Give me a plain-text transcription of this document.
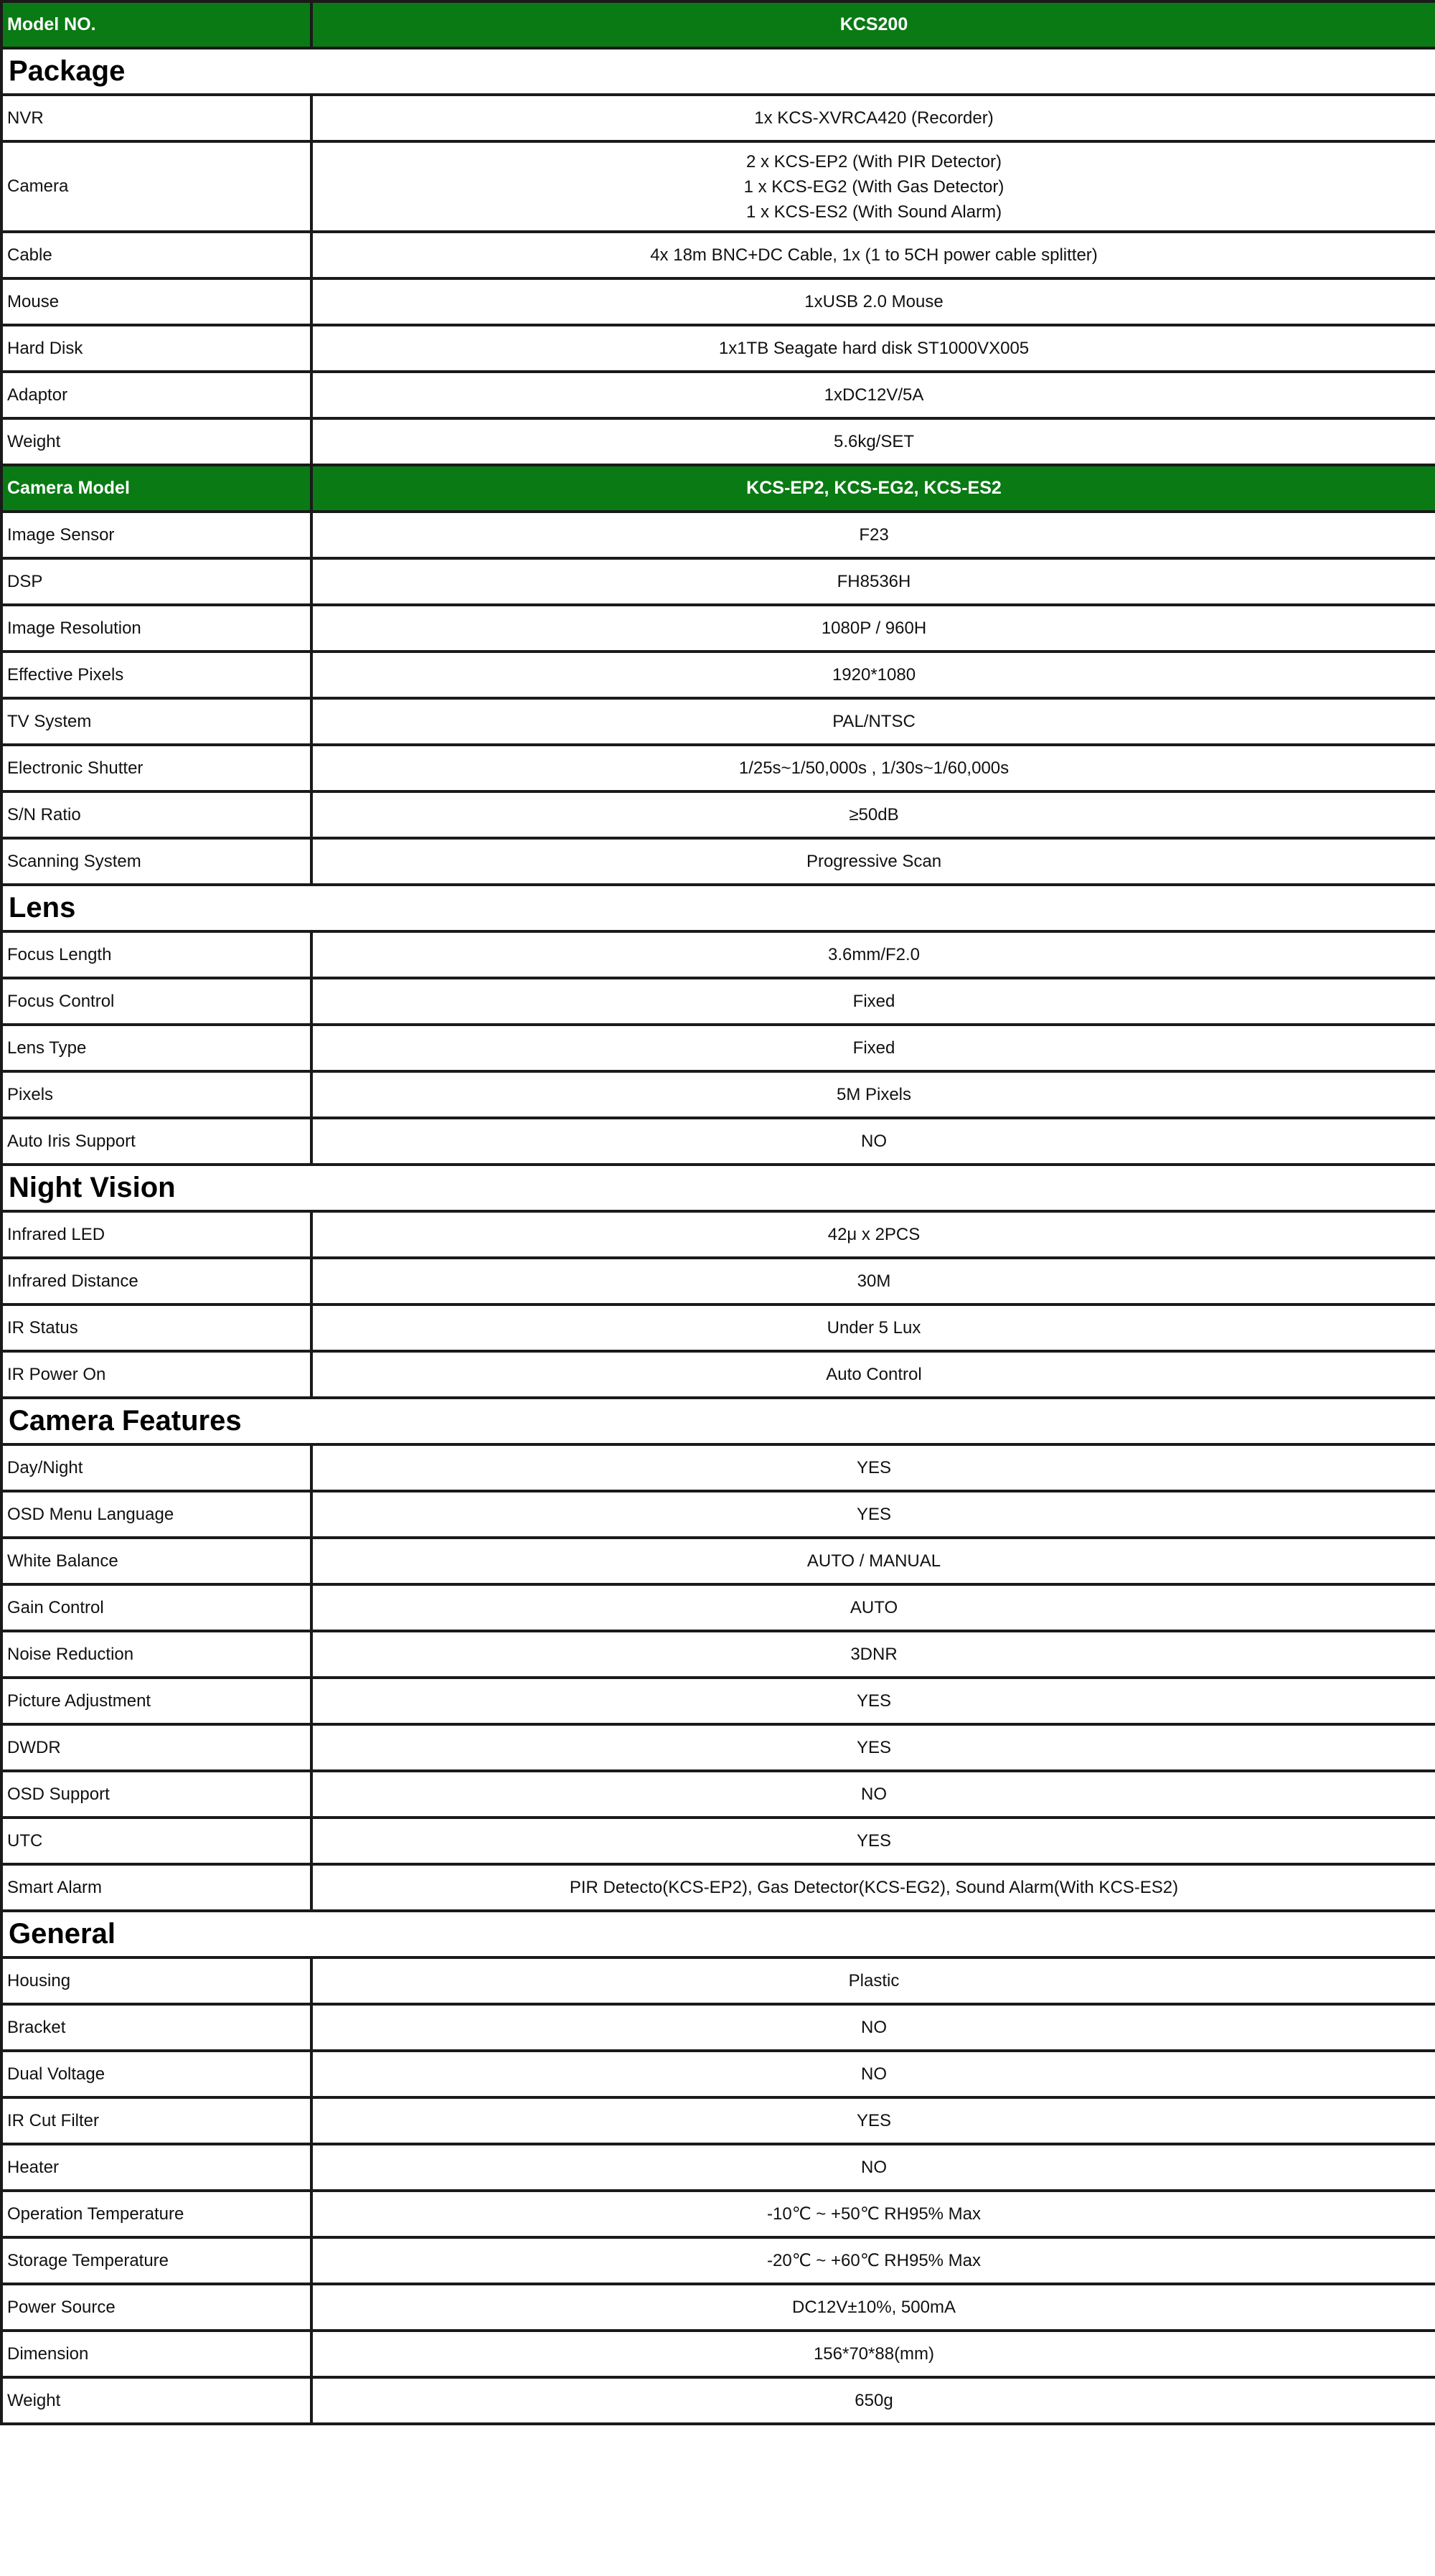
Model NO.	KCS200
Package	
NVR	1x KCS-XVRCA420 (Recorder)
Camera	2 x KCS-EP2 (With PIR Detector)
1 x KCS-EG2 (With Gas Detector)
1 x KCS-ES2 (With Sound Alarm)

Cable	4x 18m BNC+DC Cable, 1x (1 to 5CH power cable splitter)
Mouse	1xUSB 2.0 Mouse
Hard Disk	1x1TB Seagate hard disk ST1000VX005
Adaptor	1xDC12V/5A
Weight	5.6kg/SET
Camera Model	KCS-EP2, KCS-EG2, KCS-ES2
Image Sensor	F23
DSP	FH8536H
Image Resolution	1080P / 960H
Effective Pixels	1920*1080
TV System	PAL/NTSC
Electronic Shutter	1/25s~1/50,000s , 1/30s~1/60,000s
S/N Ratio	≥50dB
Scanning System	Progressive Scan
Lens	
Focus Length	3.6mm/F2.0
Focus Control	Fixed
Lens Type	Fixed
Pixels	5M Pixels
Auto Iris Support	NO
Night Vision	
Infrared LED	42μ x 2PCS
Infrared Distance	30M
IR Status	Under 5 Lux
IR Power On	Auto Control
Camera Features	
Day/Night	YES
OSD Menu Language	YES
White Balance	AUTO / MANUAL
Gain Control	AUTO
Noise Reduction	3DNR
Picture Adjustment	YES
DWDR	YES
OSD Support	NO
UTC	YES
Smart Alarm	PIR Detecto(KCS-EP2), Gas Detector(KCS-EG2), Sound Alarm(With KCS-ES2)
General	
Housing	Plastic
Bracket	NO
Dual Voltage	NO
IR Cut Filter	YES
Heater	NO
Operation Temperature	-10℃ ~ +50℃ RH95% Max
Storage Temperature	-20℃ ~ +60℃ RH95% Max
Power Source	DC12V±10%, 500mA
Dimension	156*70*88(mm)
Weight	650g
